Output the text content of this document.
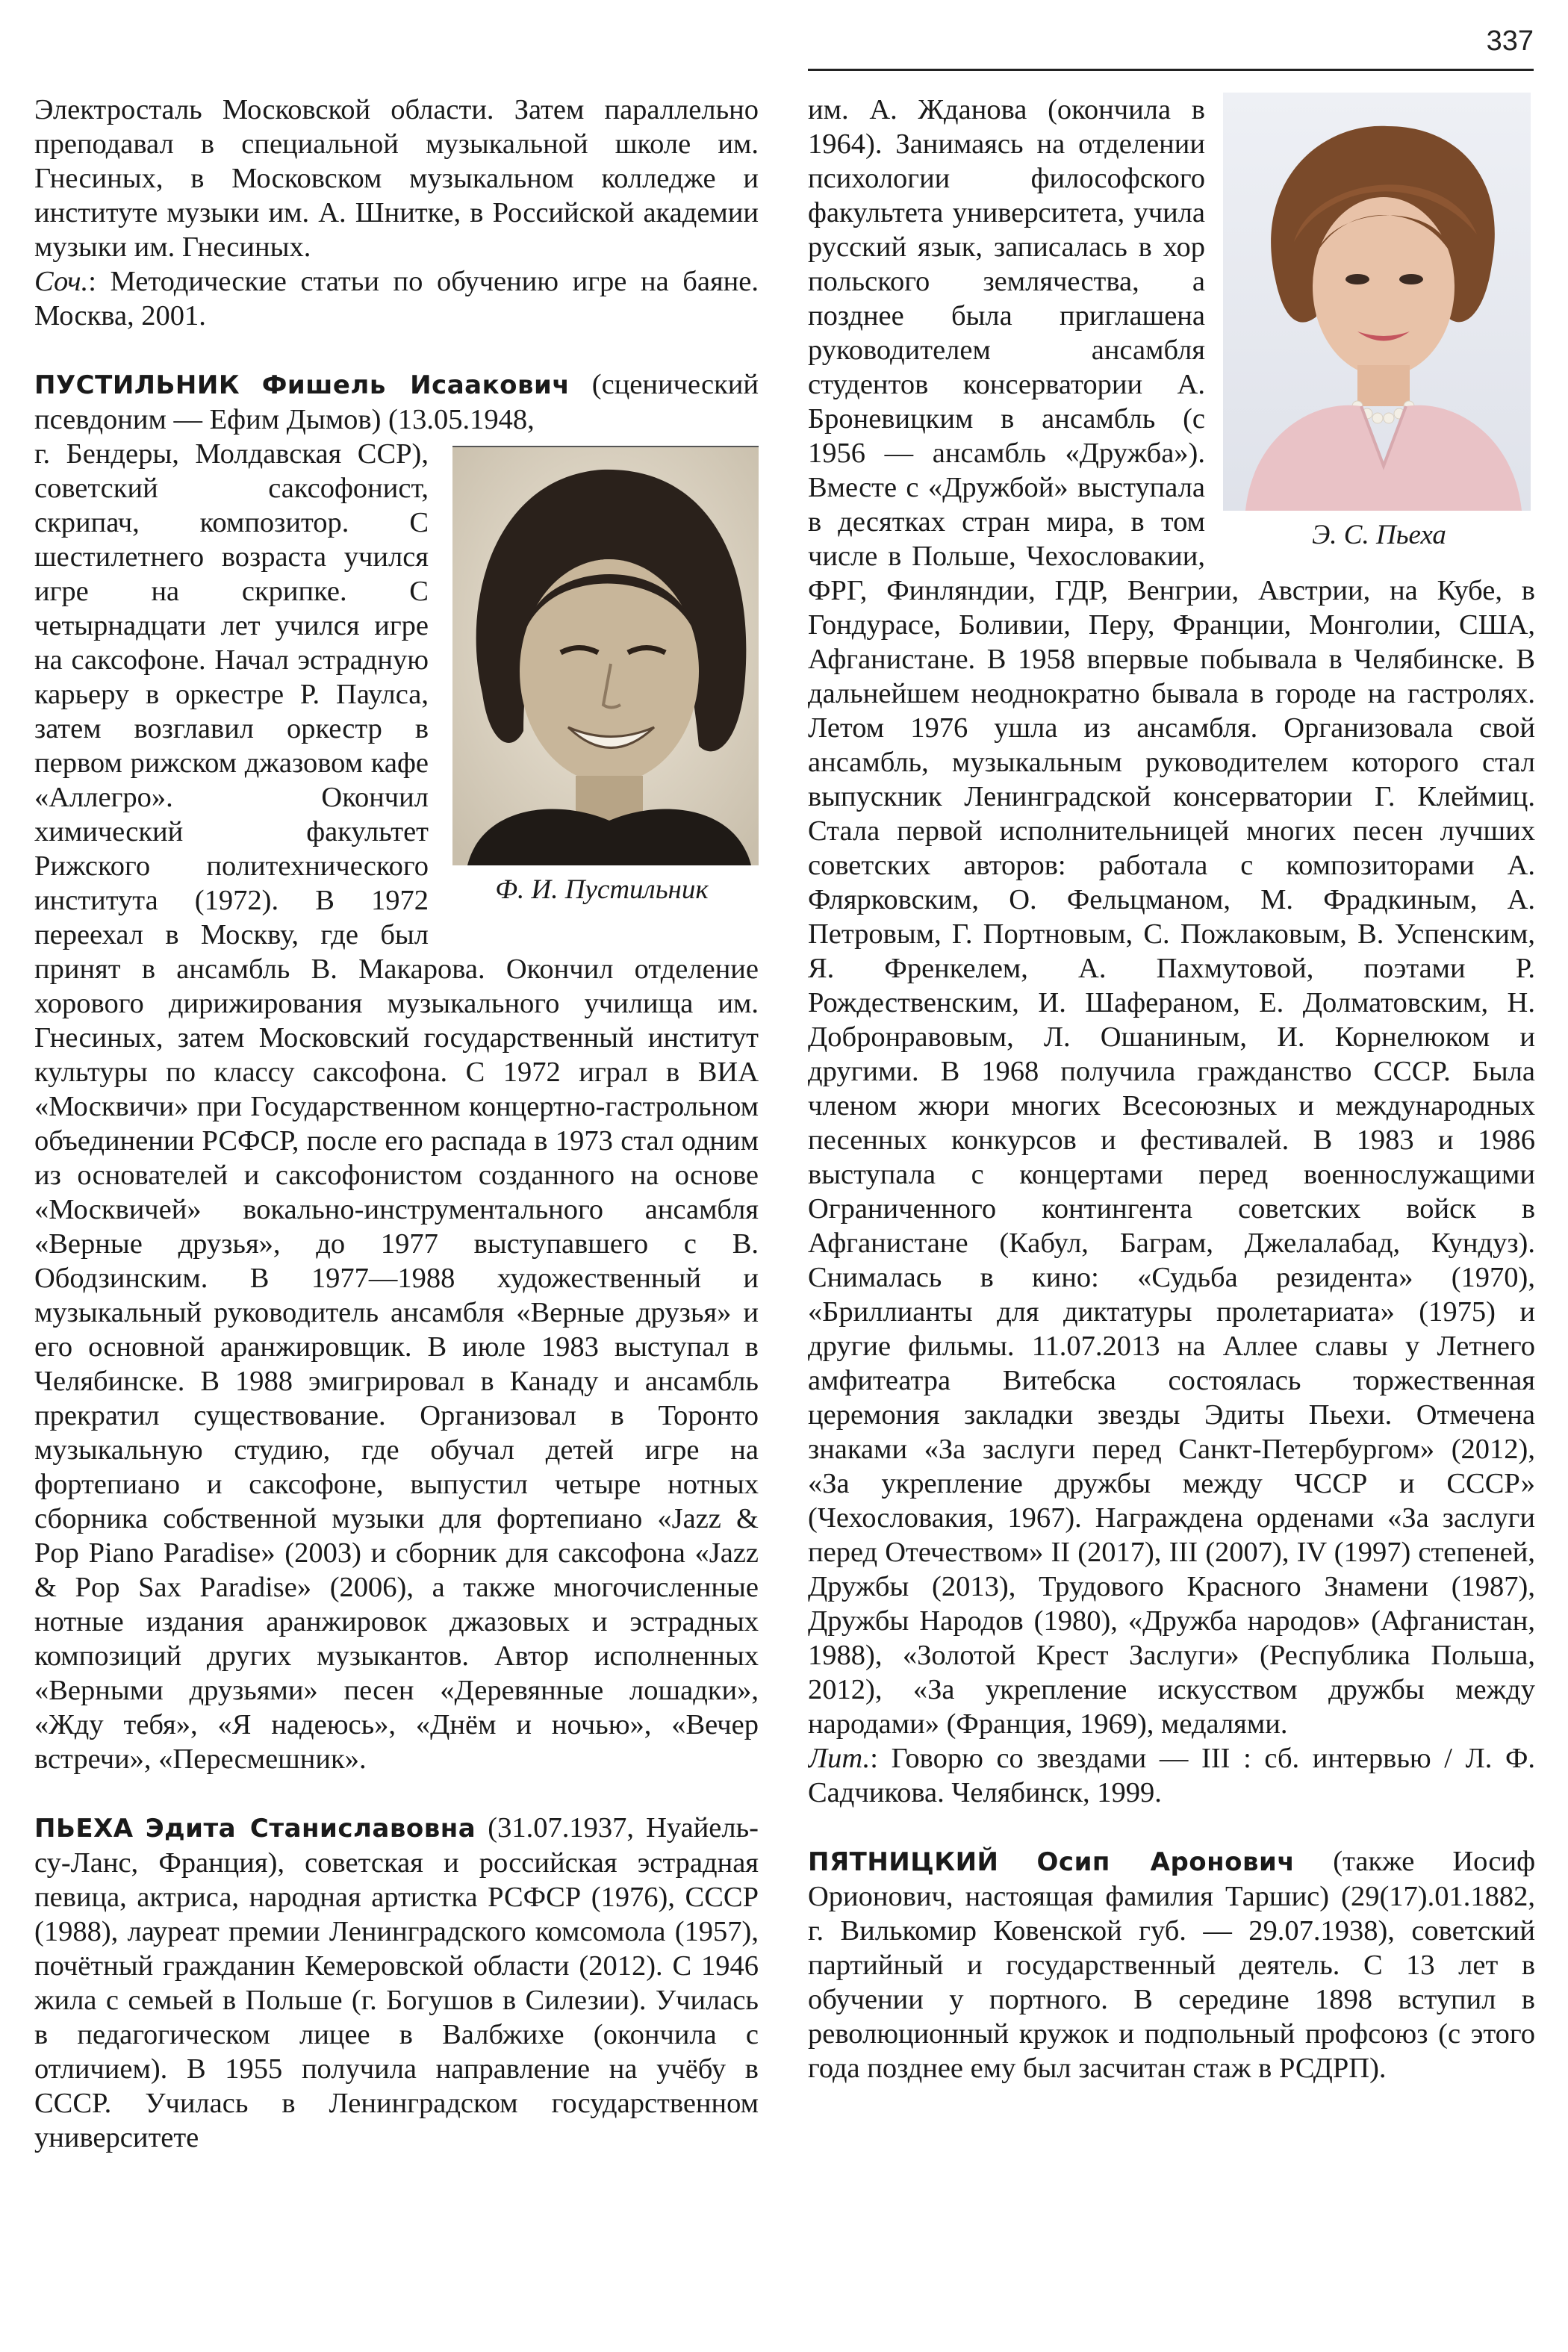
337

Электросталь Московской области. Затем параллельно преподавал в специальной музыкальной школе им. Гнесиных, в Московском музыкальном колледже и институте музыки им. А. Шнитке, в Российской академии музыки им. Гнесиных.
Соч.: Методические статьи по обучению игре на баяне. Москва, 2001.

ПУСТИЛЬНИК Фишель Исаакович (сценический псевдоним — Ефим Дымов) (13.05.1948,

Ф. И. Пустильник
г. Бендеры, Молдавская ССР), советский саксофонист, скрипач, композитор. С шестилетнего возраста учился игре на скрипке. С четырнадцати лет учился игре на саксофоне. Начал эстрадную карьеру в оркестре Р. Паулса, затем возглавил оркестр в первом рижском джазовом кафе «Аллегро». Окончил химический факультет Рижского политехнического института (1972). В 1972 переехал в Москву, где был принят в ансамбль В. Макарова. Окончил отделение хорового дирижирования музыкального училища им. Гнесиных, затем Московский государственный институт культуры по классу саксофона. С 1972 играл в ВИА «Москвичи» при Государственном концертно-гастрольном объединении РСФСР, после его распада в 1973 стал одним из основателей и саксофонистом созданного на основе «Москвичей» вокально-инструментального ансамбля «Верные друзья», до 1977 выступавшего с В. Ободзинским. В 1977—1988 художественный и музыкальный руководитель ансамбля «Верные друзья» и его основной аранжировщик. В июле 1983 выступал в Челябинске. В 1988 эмигрировал в Канаду и ансамбль прекратил существование. Организовал в Торонто музыкальную студию, где обучал детей игре на фортепиано и саксофоне, выпустил четыре нотных сборника собственной музыки для фортепиано «Jazz & Pop Piano Paradise» (2003) и сборник для саксофона «Jazz & Pop Sax Paradise» (2006), а также многочисленные нотные издания аранжировок джазовых и эстрадных композиций других музыкантов. Автор исполненных «Верными друзьями» песен «Деревянные лошадки», «Жду тебя», «Я надеюсь», «Днём и ночью», «Вечер встречи», «Пересмешник».

ПЬЕХА Эдита Станиславовна (31.07.1937, Нуайель-су-Ланс, Франция), советская и российская эстрадная певица, актриса, народная артистка РСФСР (1976), СССР (1988), лауреат премии Ленинградского комсомола (1957), почётный гражданин Кемеровской области (2012). С 1946 жила с семьей в Польше (г. Богушов в Силезии). Училась в педагогическом лицее в Валбжихе (окончила с отличием). В 1955 получила направление на учёбу в СССР. Училась в Ленинградском государственном университете

Э. С. Пьеха
им. А. Жданова (окончила в 1964). Занимаясь на отделении психологии философского факультета университета, учила русский язык, записалась в хор польского землячества, а позднее была приглашена руководителем ансамбля студентов консерватории А. Броневицким в ансамбль (с 1956 — ансамбль «Дружба»). Вместе с «Дружбой» выступала в десятках стран мира, в том числе в Польше, Чехословакии, ФРГ, Финляндии, ГДР, Венгрии, Австрии, на Кубе, в Гондурасе, Боливии, Перу, Франции, Монголии, США, Афганистане. В 1958 впервые побывала в Челябинске. В дальнейшем неоднократно бывала в городе на гастролях. Летом 1976 ушла из ансамбля. Организовала свой ансамбль, музыкальным руководителем которого стал выпускник Ленинградской консерватории Г. Клеймиц. Стала первой исполнительницей многих песен лучших советских авторов: работала с композиторами А. Флярковским, О. Фельцманом, М. Фрадкиным, А. Петровым, Г. Портновым, С. Пожлаковым, В. Успенским, Я. Френкелем, А. Пахмутовой, поэтами Р. Рождественским, И. Шафераном, Е. Долматовским, Н. Добронравовым, Л. Ошаниным, И. Корнелюком и другими. В 1968 получила гражданство СССР. Была членом жюри многих Всесоюзных и международных песенных конкурсов и фестивалей. В 1983 и 1986 выступала с концертами перед военнослужащими Ограниченного контингента советских войск в Афганистане (Кабул, Баграм, Джелалабад, Кундуз). Снималась в кино: «Судьба резидента» (1970), «Бриллианты для диктатуры пролетариата» (1975) и другие фильмы. 11.07.2013 на Аллее славы у Летнего амфитеатра Витебска состоялась торжественная церемония закладки звезды Эдиты Пьехи. Отмечена знаками «За заслуги перед Санкт-Петербургом» (2012), «За укрепление дружбы между ЧССР и СССР» (Чехословакия, 1967). Награждена орденами «За заслуги перед Отечеством» II (2017), III (2007), IV (1997) степеней, Дружбы (2013), Трудового Красного Знамени (1987), Дружбы Народов (1980), «Дружба народов» (Афганистан, 1988), «Золотой Крест Заслуги» (Республика Польша, 2012), «За укрепление искусством дружбы между народами» (Франция, 1969), медалями.
Лит.: Говорю со звездами — III : сб. интервью / Л. Ф. Садчикова. Челябинск, 1999.

ПЯТНИЦКИЙ Осип Аронович (также Иосиф Орионович, настоящая фамилия Таршис) (29(17).01.1882, г. Вилькомир Ковенской губ. — 29.07.1938), советский партийный и государственный деятель. С 13 лет в обучении у портного. В середине 1898 вступил в революционный кружок и подпольный профсоюз (с этого года позднее ему был засчитан стаж в РСДРП).
